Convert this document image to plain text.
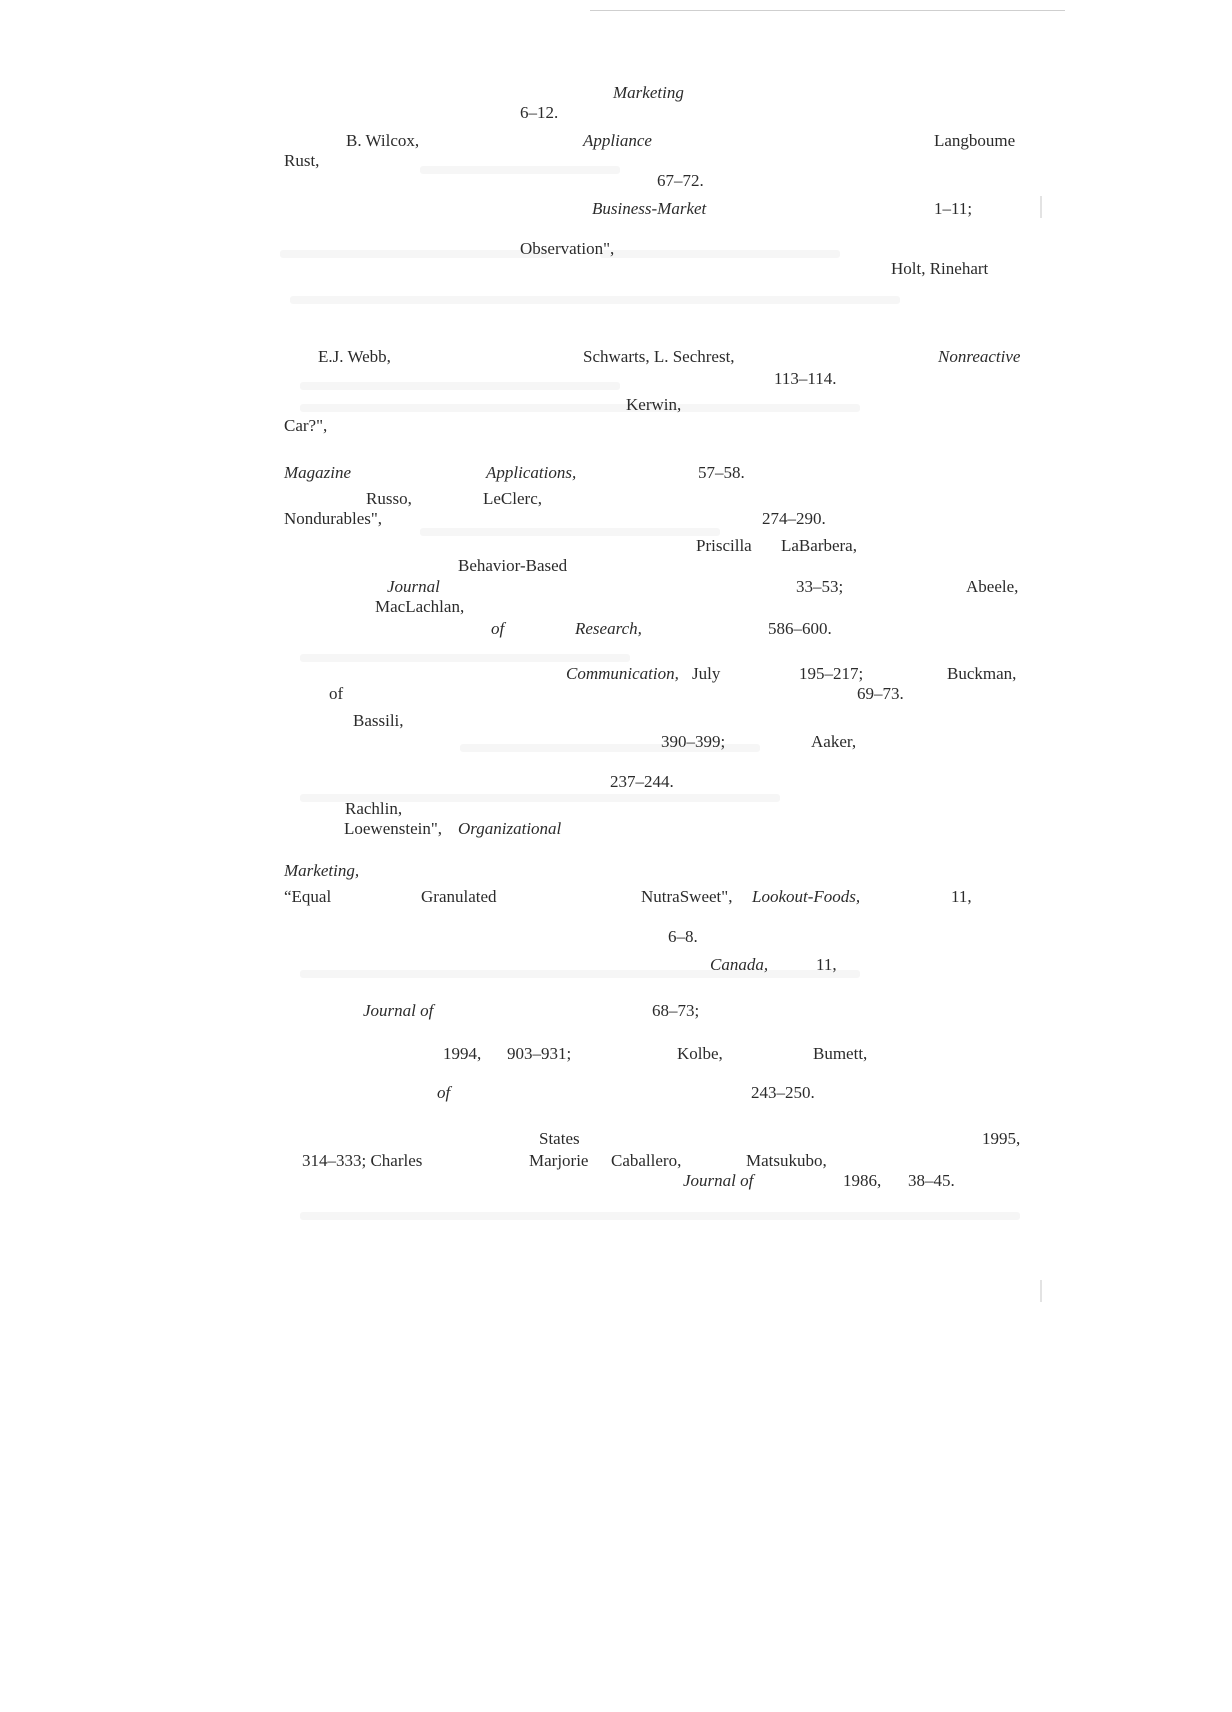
Marketing
6–12.
B. Wilcox,	Appliance	Langboume
Rust,
67–72.
Business-Market	1–11;
Observation",
Holt, Rinehart
E.J. Webb,	Schwarts, L. Sechrest,	Nonreactive
113–114.
Kerwin,
Car?",
Magazine	Applications,	57–58.
Russo,	LeClerc,
Nondurables",	274–290.
Priscilla LaBarbera,
Behavior-Based
Journal	33–53;	Abeele,
MacLachlan,
of	Research,	586–600.
Communication, July	195–217;	Buckman,
of	69–73.
Bassili,
390–399;	Aaker,
237–244.
Rachlin,
Loewenstein", Organizational
Marketing,
“Equal	Granulated	NutraSweet", Lookout-Foods,	11,
6–8.
Canada,	11,
Journal of	68–73;
1994, 903–931;	Kolbe,	Bumett,
of	243–250.
States	1995,
314–333; Charles	Marjorie Caballero,	Matsukubo,
Journal of	1986, 38–45.
